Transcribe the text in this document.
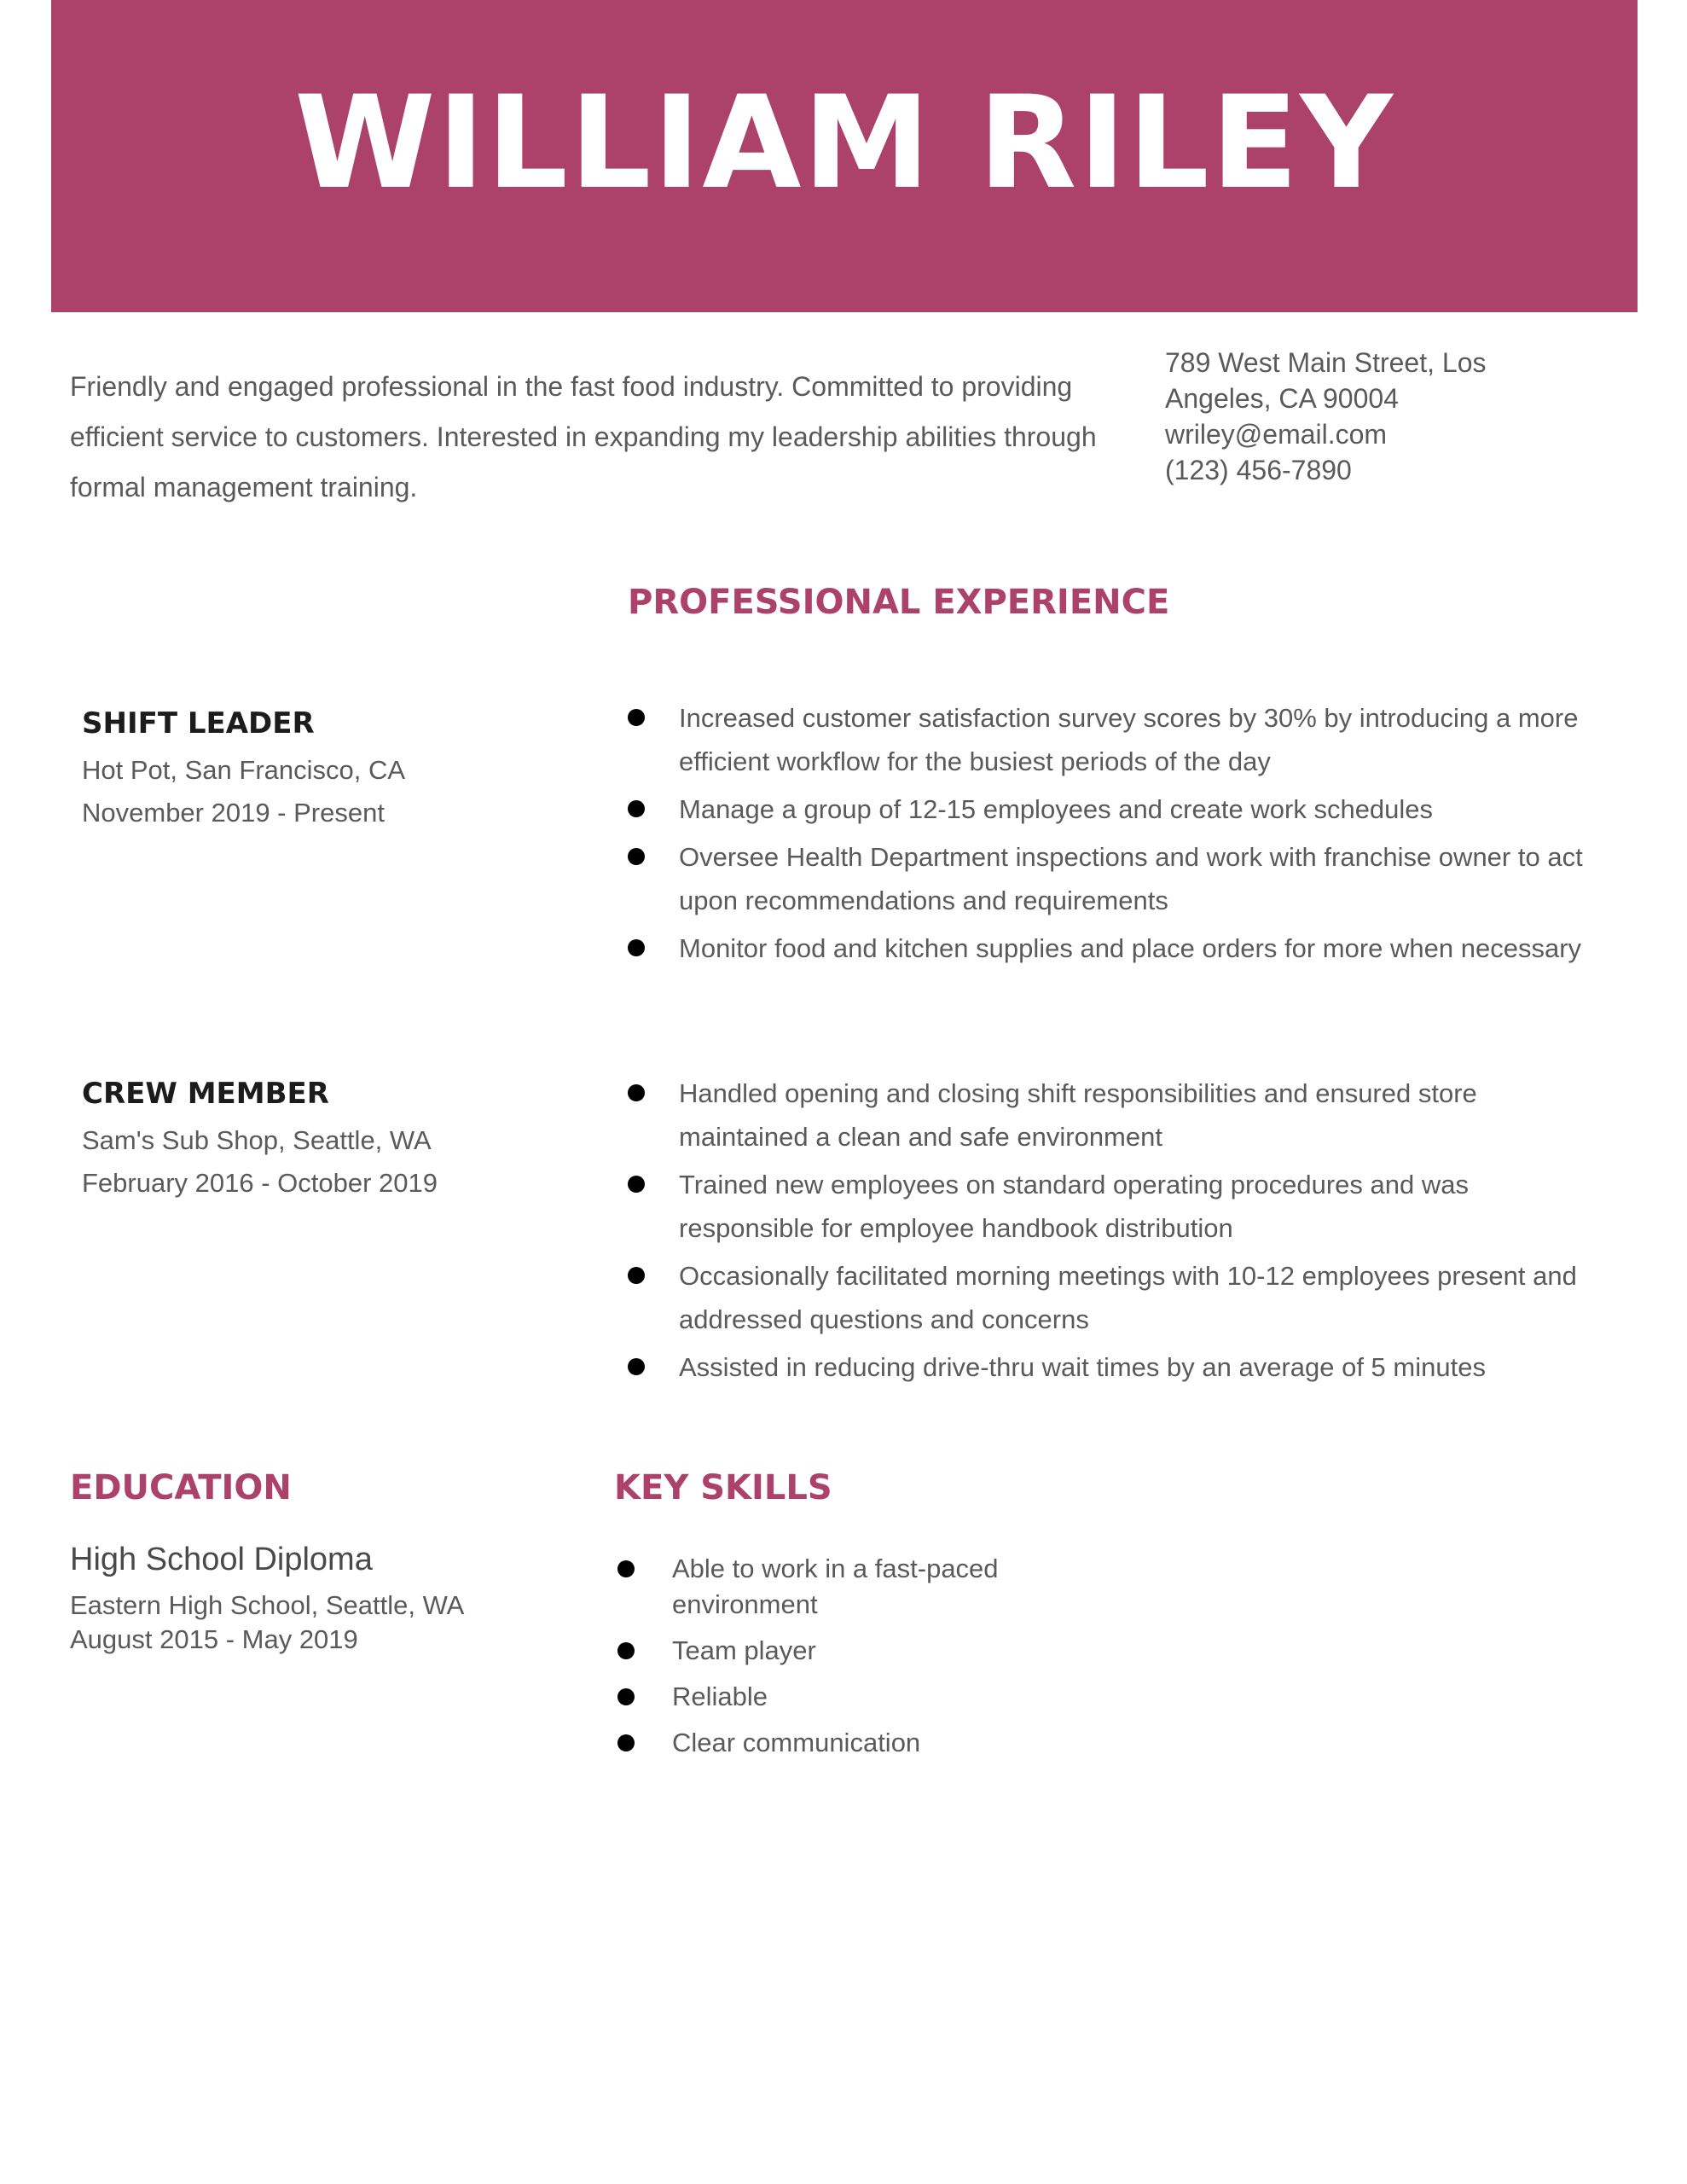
WILLIAM RILEY
Friendly and engaged professional in the fast food industry. Committed to providing efficient service to customers. Interested in expanding my leadership abilities through formal management training.
789 West Main Street, Los
Angeles, CA 90004
wriley@email.com
(123) 456-7890
PROFESSIONAL EXPERIENCE
SHIFT LEADER
Hot Pot, San Francisco, CA
November 2019 - Present
Increased customer satisfaction survey scores by 30% by introducing a more efficient workflow for the busiest periods of the day
Manage a group of 12-15 employees and create work schedules
Oversee Health Department inspections and work with franchise owner to act upon recommendations and requirements
Monitor food and kitchen supplies and place orders for more when necessary
CREW MEMBER
Sam's Sub Shop, Seattle, WA
February 2016 - October 2019
Handled opening and closing shift responsibilities and ensured store maintained a clean and safe environment
Trained new employees on standard operating procedures and was responsible for employee handbook distribution
Occasionally facilitated morning meetings with 10-12 employees present and addressed questions and concerns
Assisted in reducing drive-thru wait times by an average of 5 minutes
EDUCATION
High School Diploma
Eastern High School, Seattle, WA
August 2015 - May 2019
KEY SKILLS
Able to work in a fast-paced environment
Team player
Reliable
Clear communication
